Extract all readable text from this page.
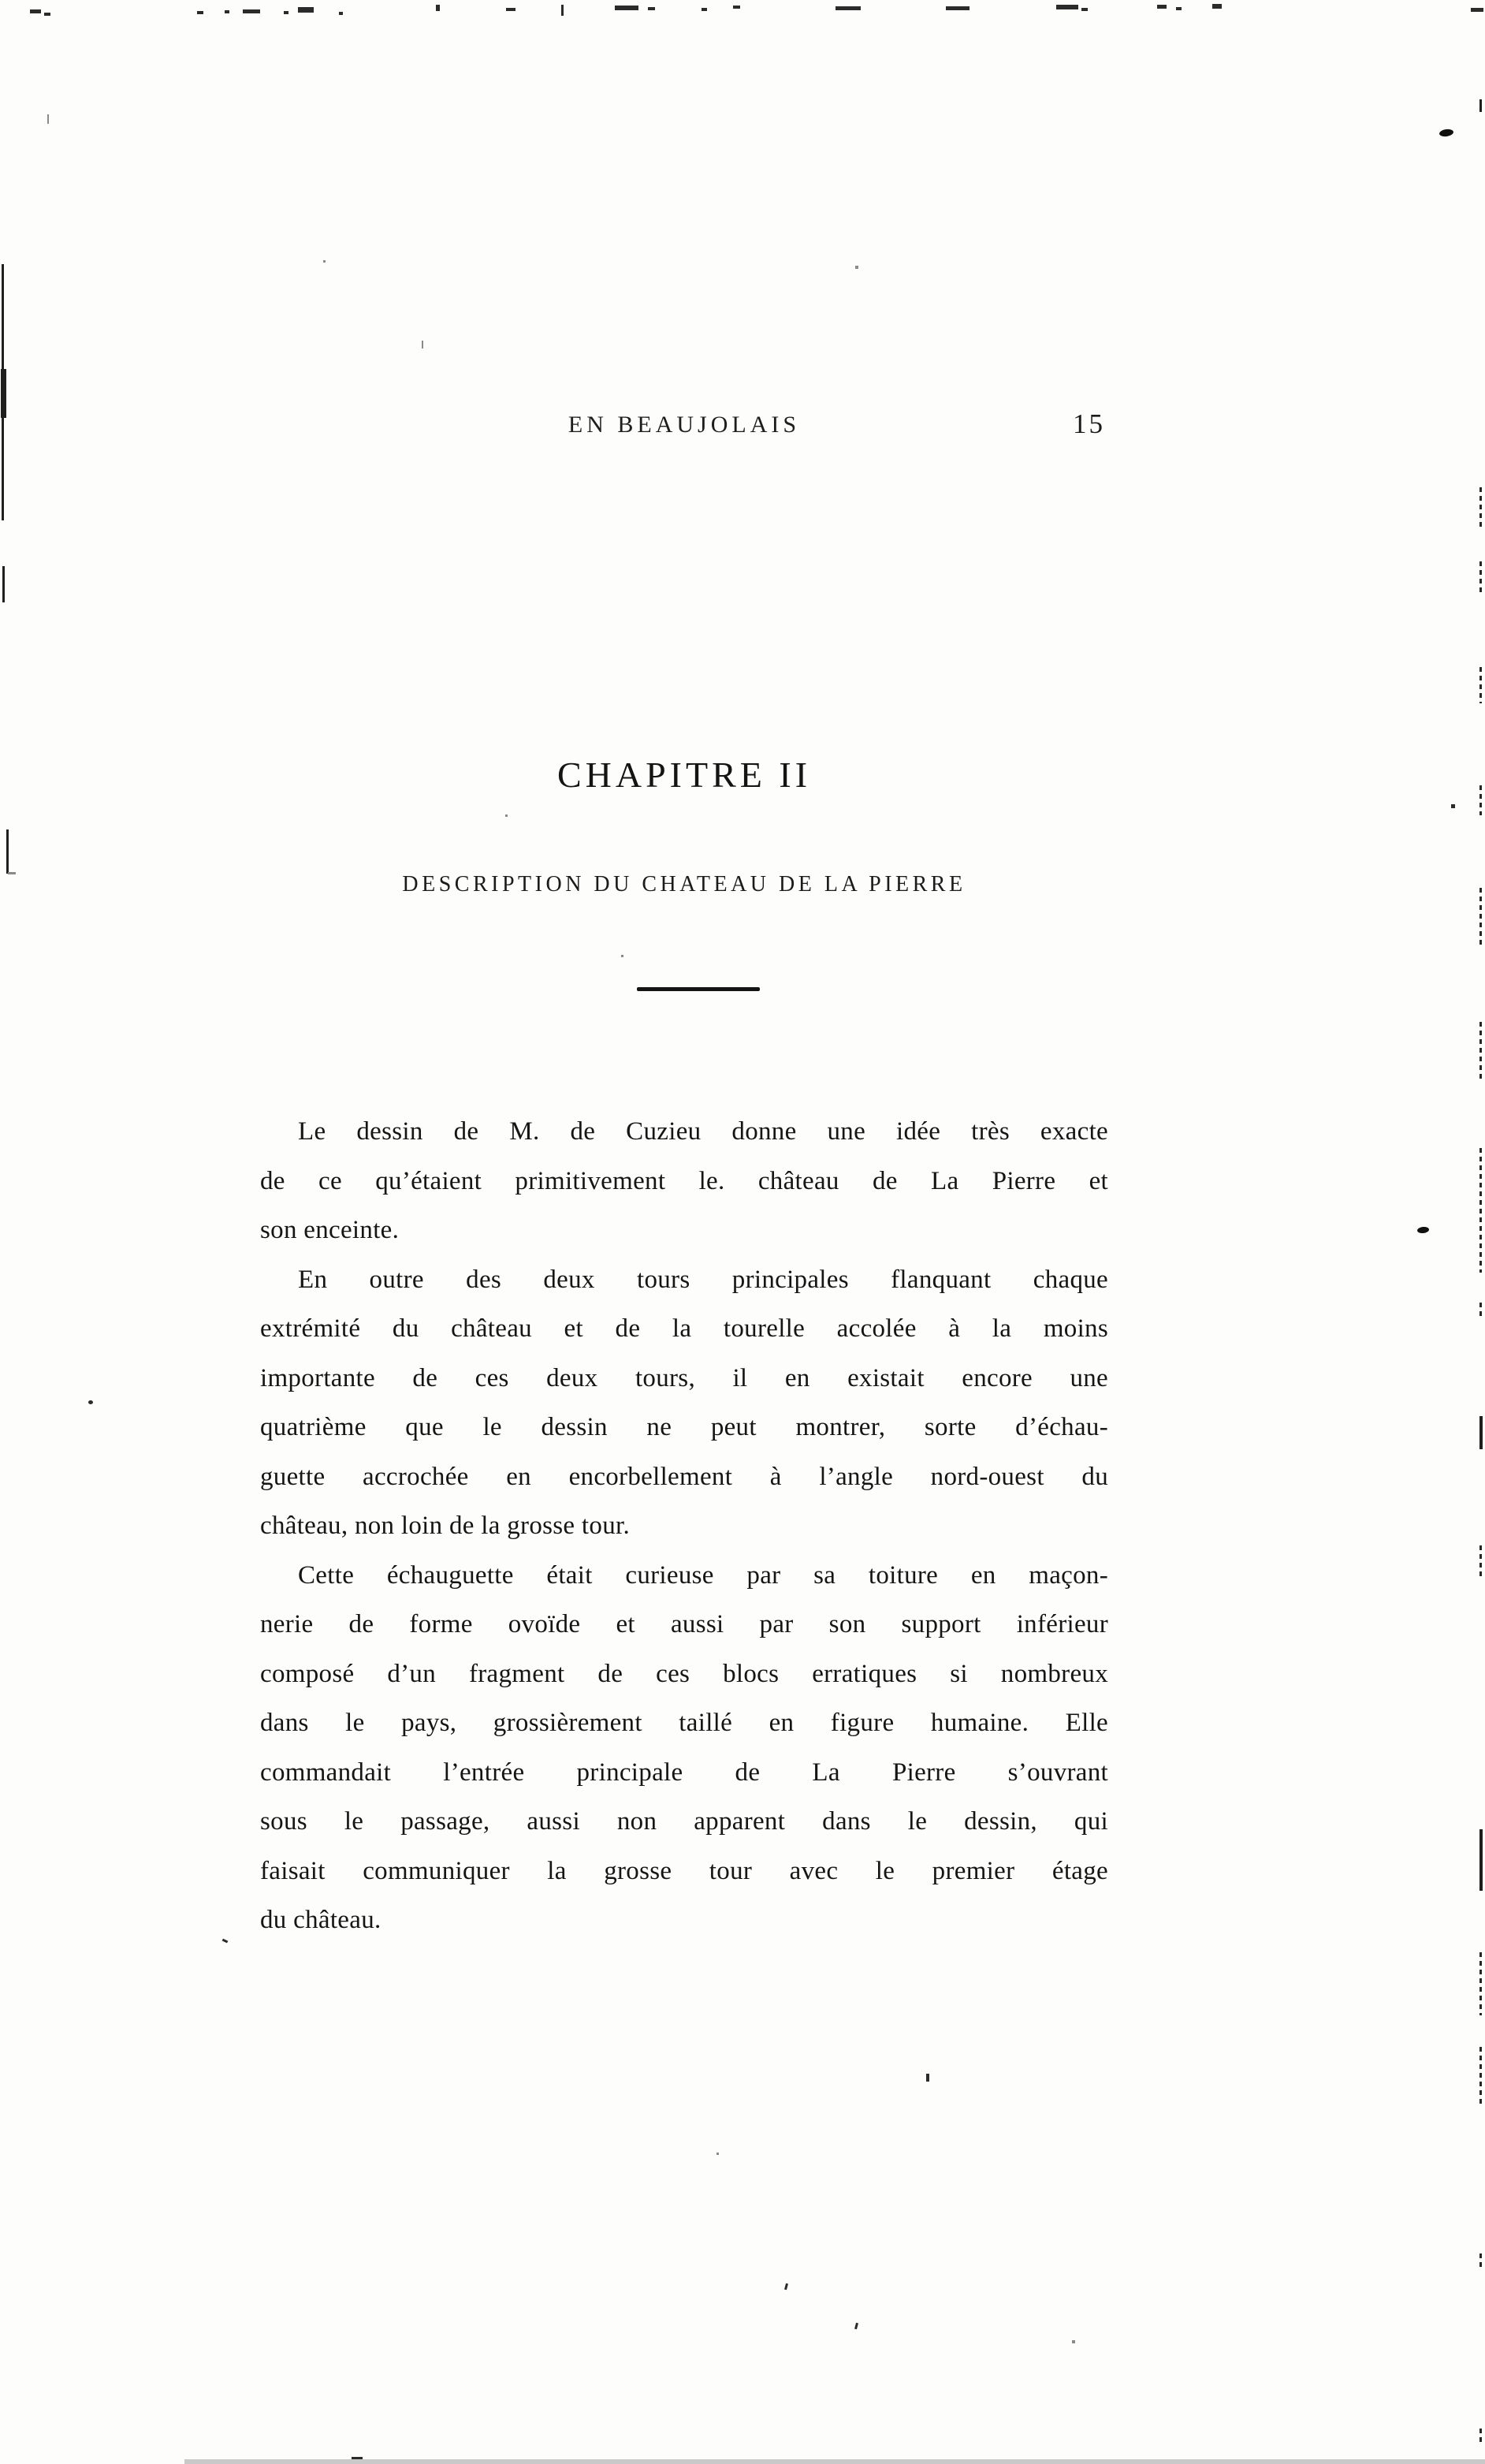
EN BEAUJOLAIS	15
CHAPITRE II
DESCRIPTION DU CHATEAU DE LA PIERRE
Le dessin de M. de Cuzieu donne une idée très exacte
de ce qu’étaient primitivement le. château de La Pierre et
son enceinte.
En outre des deux tours principales flanquant chaque
extrémité du château et de la tourelle accolée à la moins
importante de ces deux tours, il en existait encore une
quatrième que le dessin ne peut montrer, sorte d’échau-
guette accrochée en encorbellement à l’angle nord-ouest du
château, non loin de la grosse tour.
Cette échauguette était curieuse par sa toiture en maçon-
nerie de forme ovoïde et aussi par son support inférieur
composé d’un fragment de ces blocs erratiques si nombreux
dans le pays, grossièrement taillé en figure humaine. Elle
commandait l’entrée principale de La Pierre s’ouvrant
sous le passage, aussi non apparent dans le dessin, qui
faisait communiquer la grosse tour avec le premier étage
du château.
